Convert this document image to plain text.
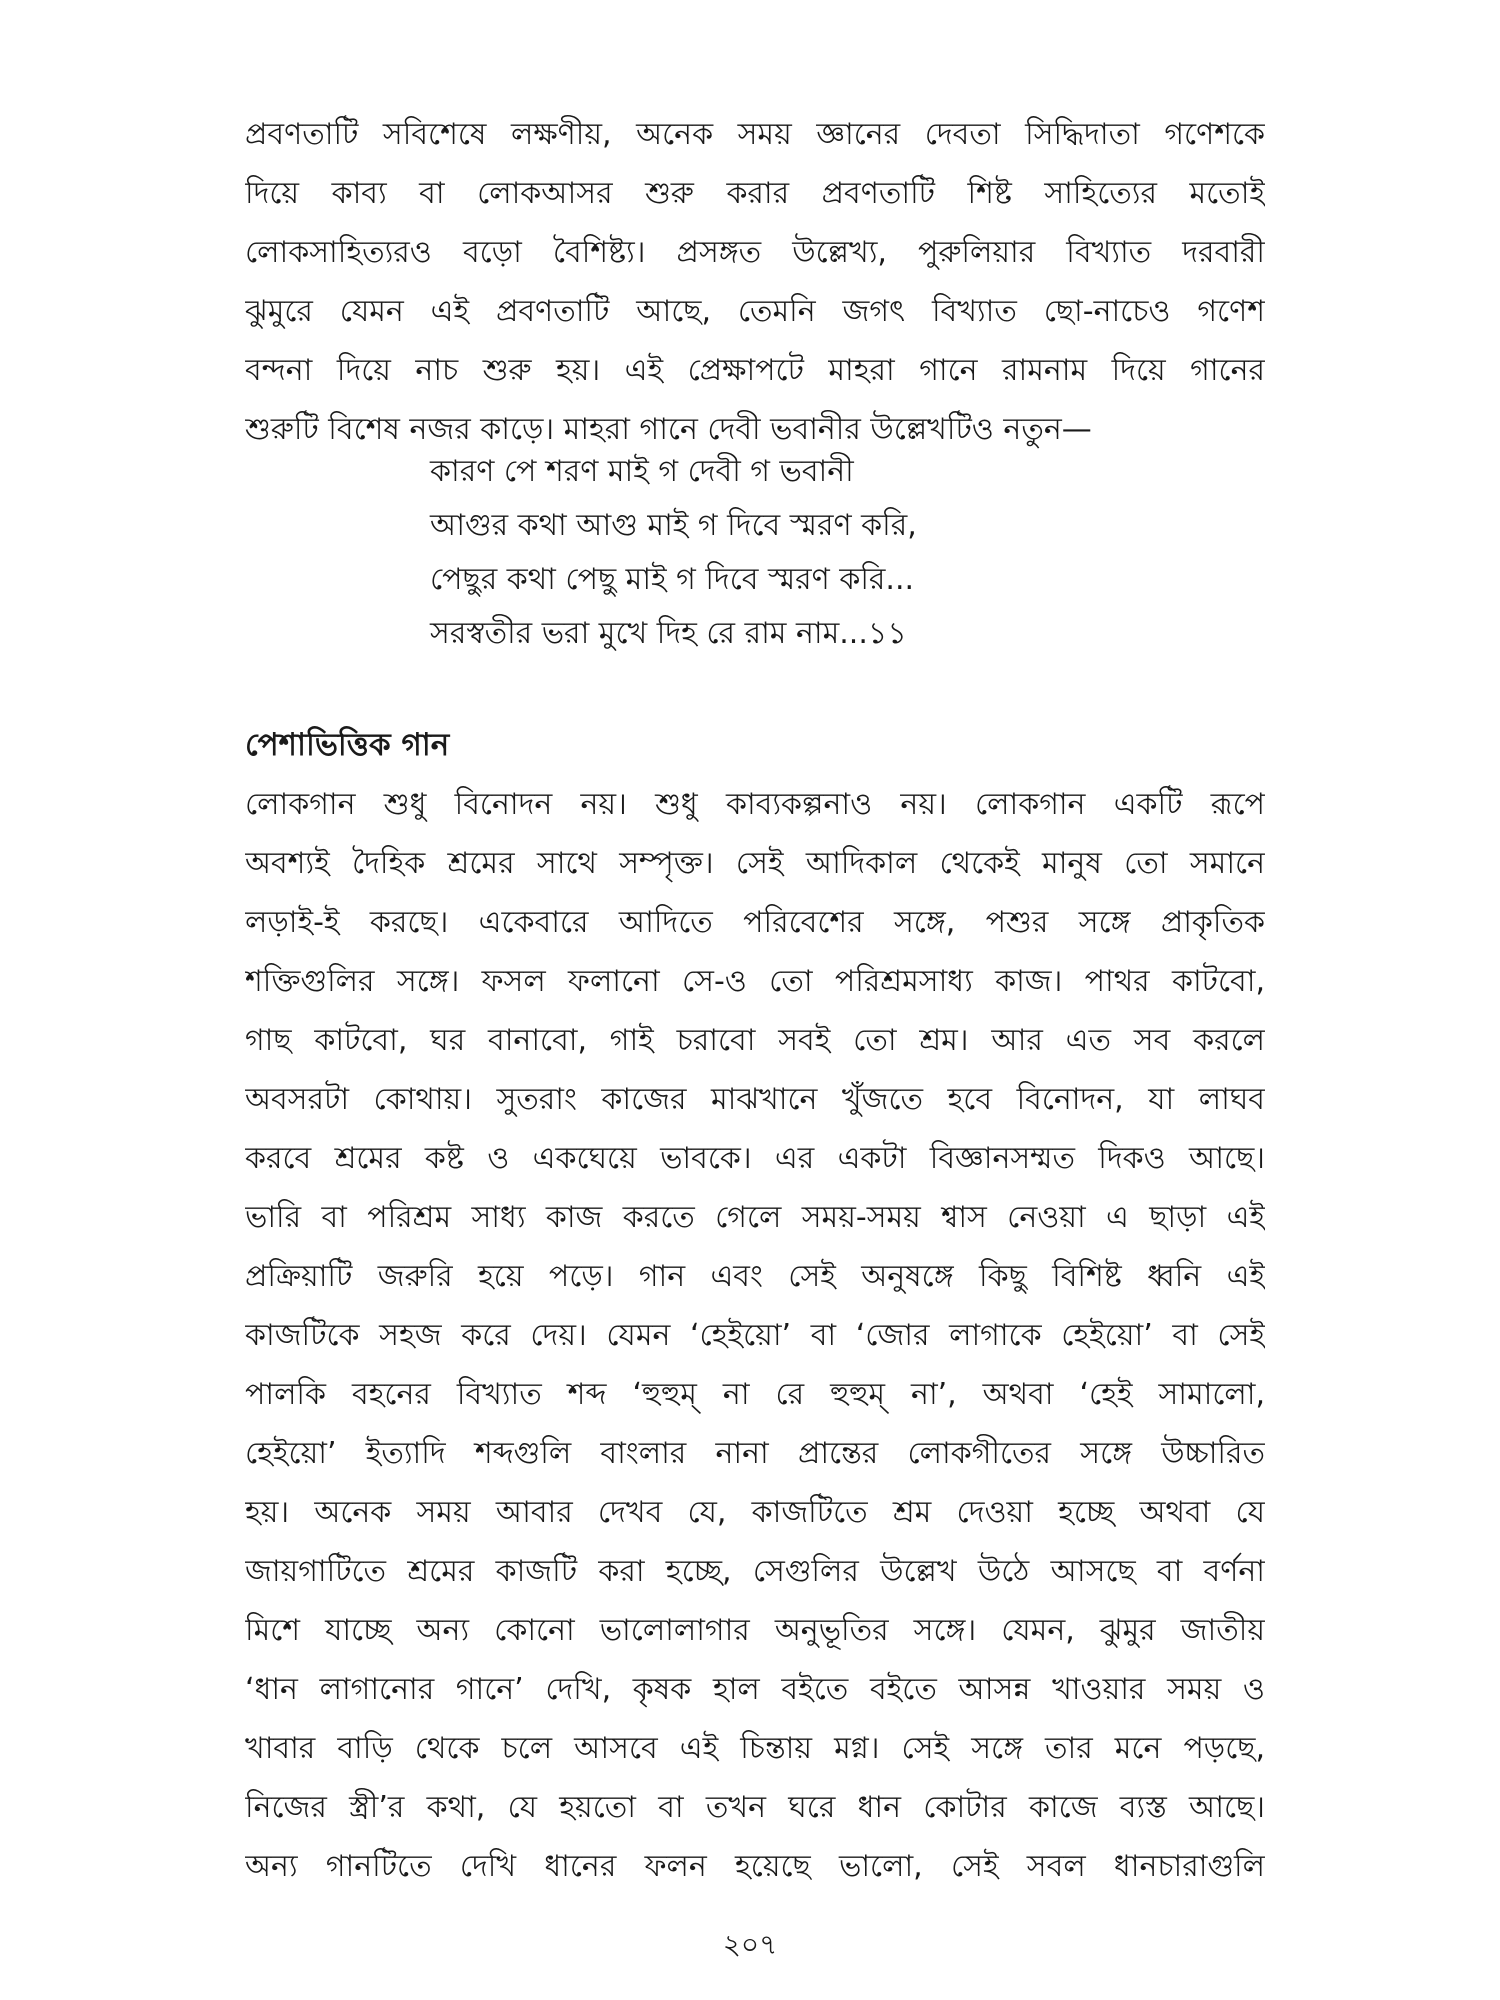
প্রবণতাটি সবিশেষে লক্ষণীয়, অনেক সময় জ্ঞানের দেবতা সিদ্ধিদাতা গণেশকে
দিয়ে কাব্য বা লোকআসর শুরু করার প্রবণতাটি শিষ্ট সাহিত্যের মতোই
লোকসাহিত্যরও বড়ো বৈশিষ্ট্য। প্রসঙ্গত উল্লেখ্য, পুরুলিয়ার বিখ্যাত দরবারী
ঝুমুরে যেমন এই প্রবণতাটি আছে, তেমনি জগৎ বিখ্যাত ছো-নাচেও গণেশ
বন্দনা দিয়ে নাচ শুরু হয়। এই প্রেক্ষাপটে মাহরা গানে রামনাম দিয়ে গানের
শুরুটি বিশেষ নজর কাড়ে। মাহরা গানে দেবী ভবানীর উল্লেখটিও নতুন—
কারণ পে শরণ মাই গ দেবী গ ভবানী
আগুর কথা আগু মাই গ দিবে স্মরণ করি,
পেছুর কথা পেছু মাই গ দিবে স্মরণ করি...
সরস্বতীর ভরা মুখে দিহ রে রাম নাম...১১
পেশাভিত্তিক গান
লোকগান শুধু বিনোদন নয়। শুধু কাব্যকল্পনাও নয়। লোকগান একটি রূপে
অবশ্যই দৈহিক শ্রমের সাথে সম্পৃক্ত। সেই আদিকাল থেকেই মানুষ তো সমানে
লড়াই-ই করছে। একেবারে আদিতে পরিবেশের সঙ্গে, পশুর সঙ্গে প্রাকৃতিক
শক্তিগুলির সঙ্গে। ফসল ফলানো সে-ও তো পরিশ্রমসাধ্য কাজ। পাথর কাটবো,
গাছ কাটবো, ঘর বানাবো, গাই চরাবো সবই তো শ্রম। আর এত সব করলে
অবসরটা কোথায়। সুতরাং কাজের মাঝখানে খুঁজতে হবে বিনোদন, যা লাঘব
করবে শ্রমের কষ্ট ও একঘেয়ে ভাবকে। এর একটা বিজ্ঞানসম্মত দিকও আছে।
ভারি বা পরিশ্রম সাধ্য কাজ করতে গেলে সময়-সময় শ্বাস নেওয়া এ ছাড়া এই
প্রক্রিয়াটি জরুরি হয়ে পড়ে। গান এবং সেই অনুষঙ্গে কিছু বিশিষ্ট ধ্বনি এই
কাজটিকে সহজ করে দেয়। যেমন ‘হেইয়ো’ বা ‘জোর লাগাকে হেইয়ো’ বা সেই
পালকি বহনের বিখ্যাত শব্দ ‘হুহুম্ না রে হুহুম্ না’, অথবা ‘হেই সামালো,
হেইয়ো’ ইত্যাদি শব্দগুলি বাংলার নানা প্রান্তের লোকগীতের সঙ্গে উচ্চারিত
হয়। অনেক সময় আবার দেখব যে, কাজটিতে শ্রম দেওয়া হচ্ছে অথবা যে
জায়গাটিতে শ্রমের কাজটি করা হচ্ছে, সেগুলির উল্লেখ উঠে আসছে বা বর্ণনা
মিশে যাচ্ছে অন্য কোনো ভালোলাগার অনুভূতির সঙ্গে। যেমন, ঝুমুর জাতীয়
‘ধান লাগানোর গানে’ দেখি, কৃষক হাল বইতে বইতে আসন্ন খাওয়ার সময় ও
খাবার বাড়ি থেকে চলে আসবে এই চিন্তায় মগ্ন। সেই সঙ্গে তার মনে পড়ছে,
নিজের স্ত্রী’র কথা, যে হয়তো বা তখন ঘরে ধান কোটার কাজে ব্যস্ত আছে।
অন্য গানটিতে দেখি ধানের ফলন হয়েছে ভালো, সেই সবল ধানচারাগুলি
২০৭
